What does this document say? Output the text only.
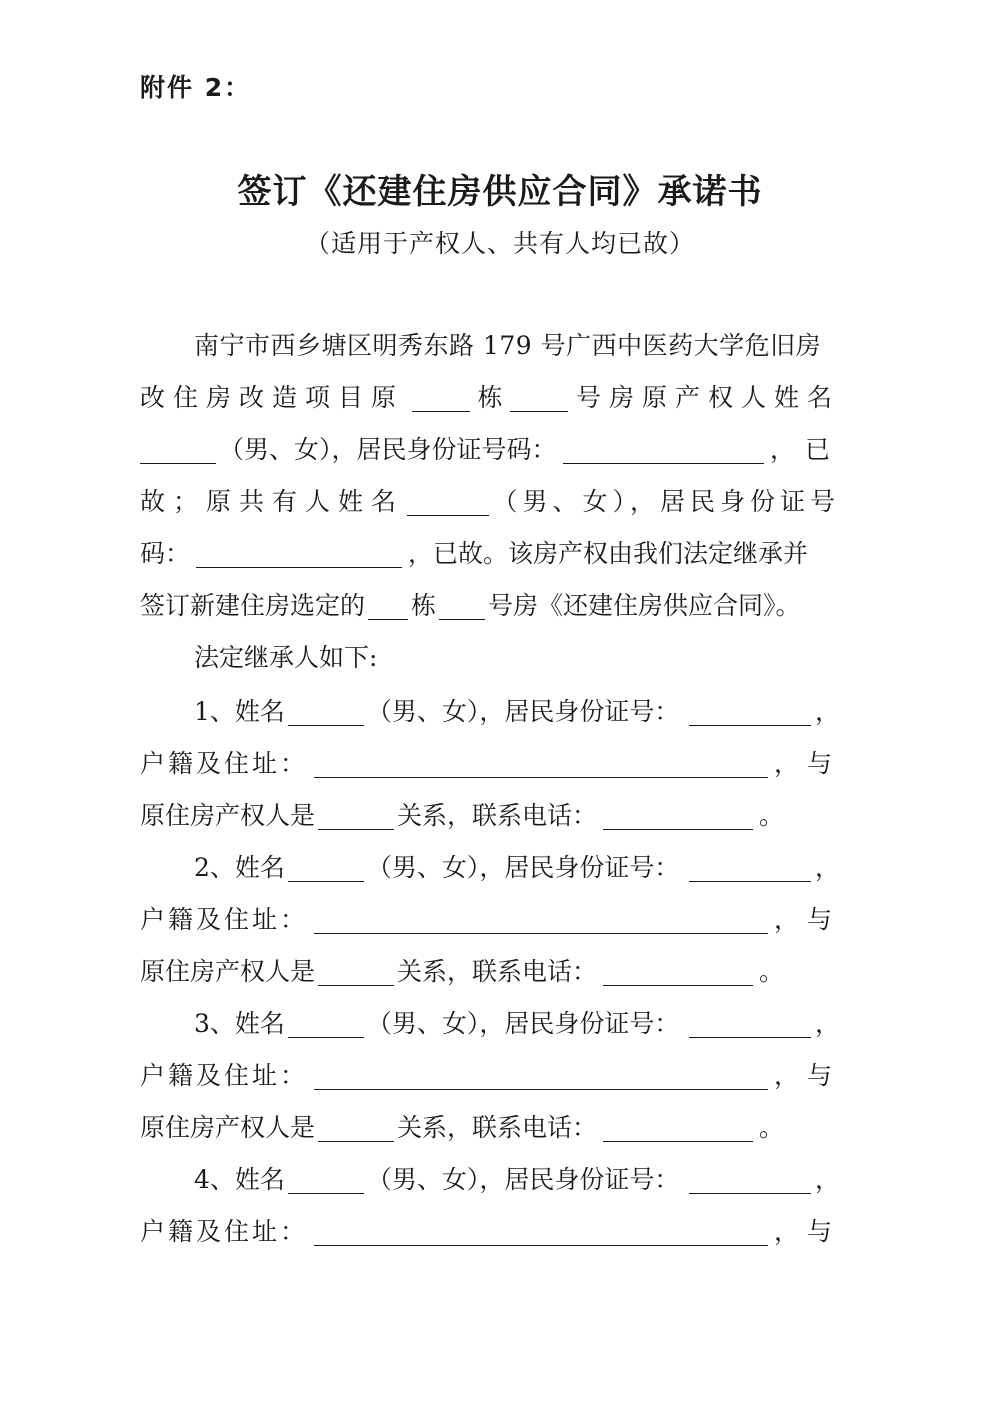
附件 2：
签订《还建住房供应合同》承诺书
（适用于产权人、共有人均已故）
南宁市西乡塘区明秀东路 179 号广西中医药大学危旧房
改住房改造项目原	栋	号房原产权人姓名
（男、女），居民身份证号码：	，已
故；原共有人姓名	（男、女），居民身份证号
码：	，已故。该房产权由我们法定继承并
签订新建住房选定的 栋 号房《还建住房供应合同》。
法定继承人如下:
1 、姓名	（男、女），居民身份证号：	，
户籍及住址：	，与
原住房产权人是	关系，联系电话：	。
2 、姓名	（男、女），居民身份证号：	，
户籍及住址：	，与
原住房产权人是	关系，联系电话：	。
3 、姓名	（男、女），居民身份证号：	，
户籍及住址：	，与
原住房产权人是	关系，联系电话：	。
4 、姓名	（男、女），居民身份证号：	，
户籍及住址：	，与
